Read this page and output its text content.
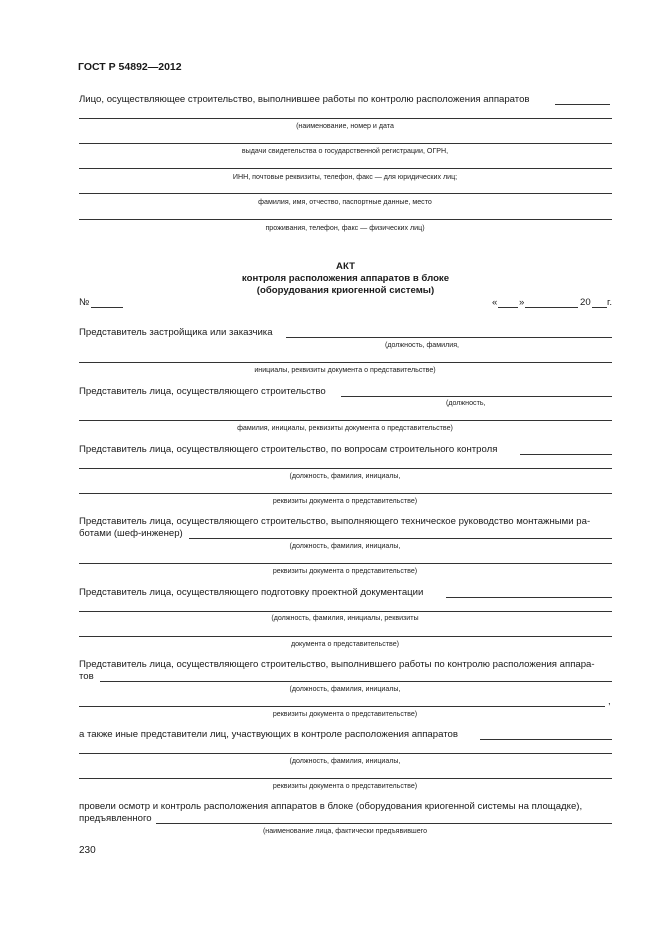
ГОСТ Р 54892—2012
Лицо, осуществляющее строительство, выполнившее работы по контролю расположения аппаратов
(наименование, номер и дата
выдачи свидетельства о государственной регистрации, ОГРН,
ИНН, почтовые реквизиты, телефон, факс — для юридических лиц;
фамилия, имя, отчество, паспортные данные, место
проживания, телефон, факс — физических лиц)
АКТ
контроля расположения аппаратов в блоке
(оборудования криогенной системы)
№	« »	20 г.
Представитель застройщика или заказчика
(должность, фамилия,
инициалы, реквизиты документа о представительстве)
Представитель лица, осуществляющего строительство
(должность,
фамилия, инициалы, реквизиты документа о представительстве)
Представитель лица, осуществляющего строительство, по вопросам строительного контроля
(должность, фамилия, инициалы,
реквизиты документа о представительстве)
Представитель лица, осуществляющего строительство, выполняющего техническое руководство монтажными ра-
ботами (шеф-инженер)
(должность, фамилия, инициалы,
реквизиты документа о представительстве)
Представитель лица, осуществляющего подготовку проектной документации
(должность, фамилия, инициалы, реквизиты
документа о представительстве)
Представитель лица, осуществляющего строительство, выполнившего работы по контролю расположения аппара-
тов
(должность, фамилия, инициалы,
,
реквизиты документа о представительстве)
а также иные представители лиц, участвующих в контроле расположения аппаратов
(должность, фамилия, инициалы,
реквизиты документа о представительстве)
провели осмотр и контроль расположения аппаратов в блоке (оборудования криогенной системы на площадке),
предъявленного
(наименование лица, фактически предъявившего
230
